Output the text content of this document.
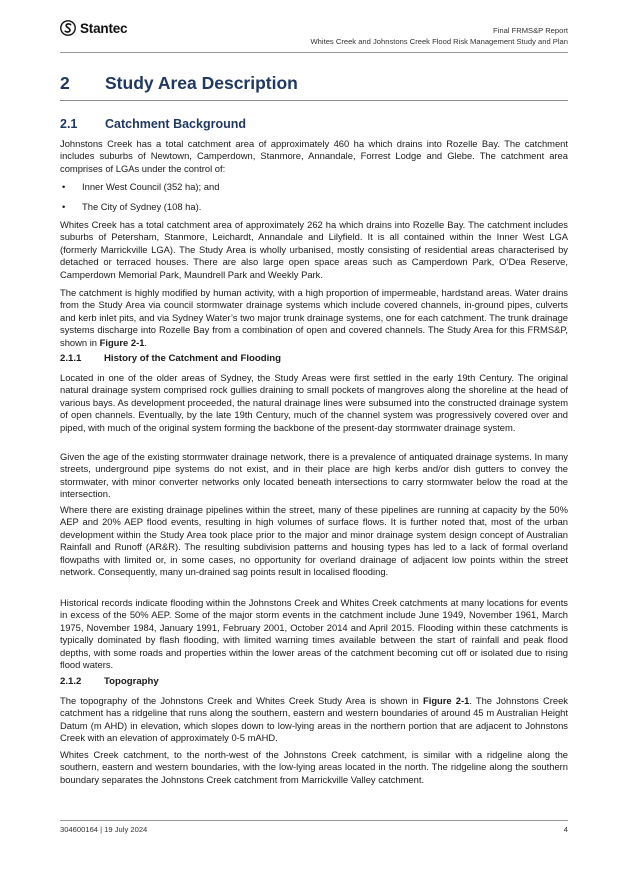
Stantec	Final FRMS&P Report
Whites Creek and Johnstons Creek Flood Risk Management Study and Plan
2 Study Area Description
2.1 Catchment Background

Johnstons Creek has a total catchment area of approximately 460 ha which drains into Rozelle Bay. The catchment includes suburbs of Newtown, Camperdown, Stanmore, Annandale, Forrest Lodge and Glebe. The catchment area comprises of LGAs under the control of:

• Inner West Council (352 ha); and
• The City of Sydney (108 ha).

Whites Creek has a total catchment area of approximately 262 ha which drains into Rozelle Bay. The catchment includes suburbs of Petersham, Stanmore, Leichardt, Annandale and Lilyfield. It is all contained within the Inner West LGA (formerly Marrickville LGA). The Study Area is wholly urbanised, mostly consisting of residential areas characterised by detached or terraced houses. There are also large open space areas such as Camperdown Park, O’Dea Reserve, Camperdown Memorial Park, Maundrell Park and Weekly Park.

The catchment is highly modified by human activity, with a high proportion of impermeable, hardstand areas. Water drains from the Study Area via council stormwater drainage systems which include covered channels, in-ground pipes, culverts and kerb inlet pits, and via Sydney Water’s two major trunk drainage systems, one for each catchment. The trunk drainage systems discharge into Rozelle Bay from a combination of open and covered channels. The Study Area for this FRMS&P, shown in Figure 2-1.

2.1.1 History of the Catchment and Flooding

Located in one of the older areas of Sydney, the Study Areas were first settled in the early 19th Century. The original natural drainage system comprised rock gullies draining to small pockets of mangroves along the shoreline at the head of various bays. As development proceeded, the natural drainage lines were subsumed into the constructed drainage system of open channels. Eventually, by the late 19th Century, much of the channel system was progressively covered over and piped, with much of the original system forming the backbone of the present-day stormwater drainage system.

Given the age of the existing stormwater drainage network, there is a prevalence of antiquated drainage systems. In many streets, underground pipe systems do not exist, and in their place are high kerbs and/or dish gutters to convey the stormwater, with minor converter networks only located beneath intersections to carry stormwater below the road at the intersection.

Where there are existing drainage pipelines within the street, many of these pipelines are running at capacity by the 50% AEP and 20% AEP flood events, resulting in high volumes of surface flows. It is further noted that, most of the urban development within the Study Area took place prior to the major and minor drainage system design concept of Australian Rainfall and Runoff (AR&R). The resulting subdivision patterns and housing types has led to a lack of formal overland flowpaths with limited or, in some cases, no opportunity for overland drainage of adjacent low points within the street network. Consequently, many un-drained sag points result in localised flooding.

Historical records indicate flooding within the Johnstons Creek and Whites Creek catchments at many locations for events in excess of the 50% AEP. Some of the major storm events in the catchment include June 1949, November 1961, March 1975, November 1984, January 1991, February 2001, October 2014 and April 2015. Flooding within these catchments is typically dominated by flash flooding, with limited warning times available between the start of rainfall and peak flood depths, with some roads and properties within the lower areas of the catchment becoming cut off or isolated due to rising flood waters.

2.1.2 Topography

The topography of the Johnstons Creek and Whites Creek Study Area is shown in Figure 2-1. The Johnstons Creek catchment has a ridgeline that runs along the southern, eastern and western boundaries of around 45 m Australian Height Datum (m AHD) in elevation, which slopes down to low-lying areas in the northern portion that are adjacent to Johnstons Creek with an elevation of approximately 0-5 mAHD.

Whites Creek catchment, to the north-west of the Johnstons Creek catchment, is similar with a ridgeline along the southern, eastern and western boundaries, with the low-lying areas located in the north. The ridgeline along the southern boundary separates the Johnstons Creek catchment from Marrickville Valley catchment.

304600164 | 19 July 2024	4
